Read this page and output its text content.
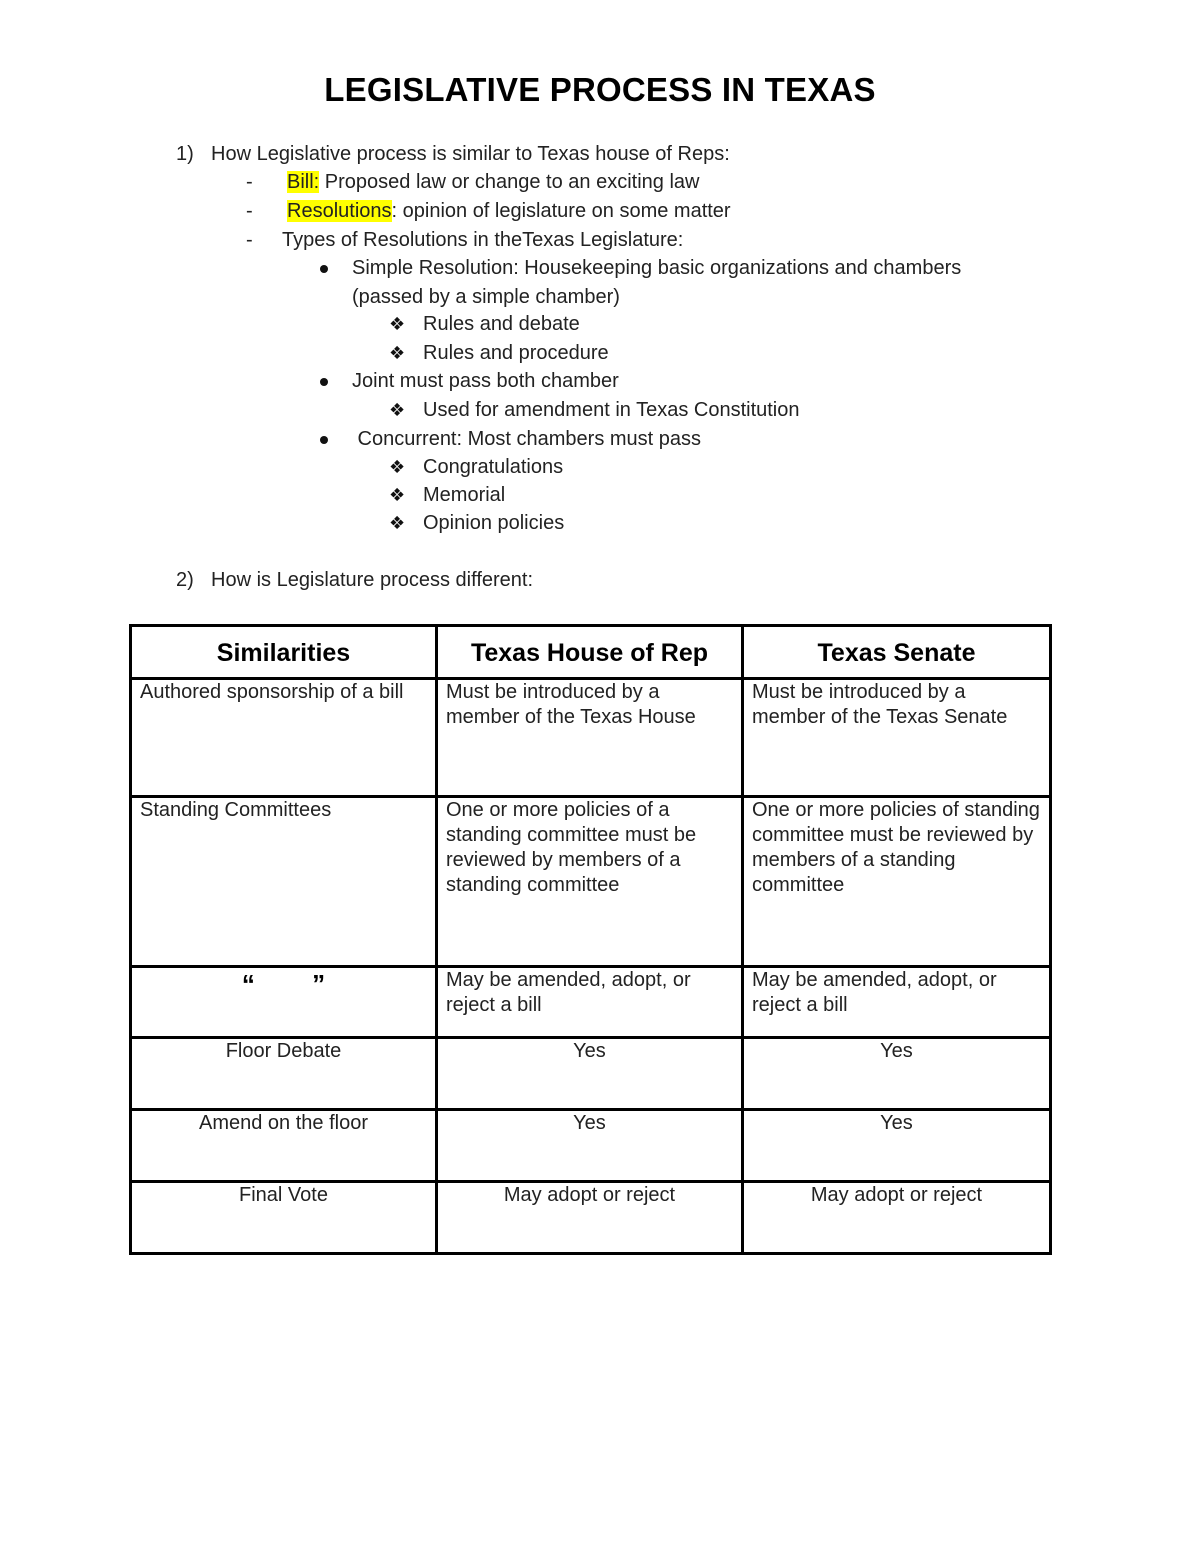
LEGISLATIVE PROCESS IN TEXAS
1) How Legislative process is similar to Texas house of Reps:
- Bill: Proposed law or change to an exciting law
- Resolutions: opinion of legislature on some matter
- Types of Resolutions in theTexas Legislature:
Simple Resolution: Housekeeping basic organizations and chambers
(passed by a simple chamber)
❖ Rules and debate
❖ Rules and procedure
Joint must pass both chamber
❖ Used for amendment in Texas Constitution
Concurrent: Most chambers must pass
❖ Congratulations
❖ Memorial
❖ Opinion policies
2) How is Legislature process different:
Similarities	Texas House of Rep	Texas Senate
Authored sponsorship of a bill	Must be introduced by a member of the Texas House	Must be introduced by a member of the Texas Senate
Standing Committees	One or more policies of a standing committee must be reviewed by members of a standing committee	One or more policies of standing committee must be reviewed by members of a standing committee

“ ”	May be amended, adopt, or reject a bill	May be amended, adopt, or reject a bill
Floor Debate	Yes	Yes
Amend on the floor	Yes	Yes
Final Vote	May adopt or reject	May adopt or reject
